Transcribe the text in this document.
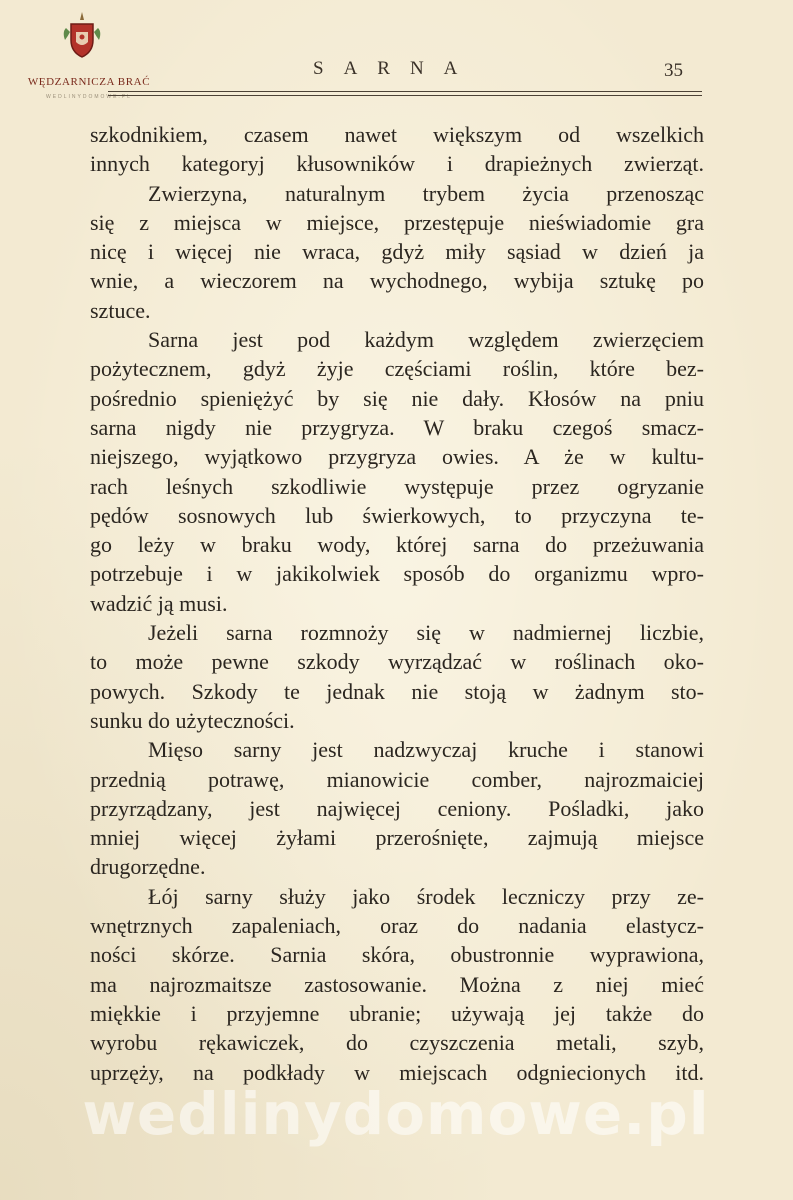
WĘDZARNICZA BRAĆ
WEDLINYDOMOWE.PL
SARNA	35
szkodnikiem, czasem nawet większym od wszelkich
innych kategoryj kłusowników i drapieżnych zwierząt.
Zwierzyna, naturalnym trybem życia przenosząc
się z miejsca w miejsce, przestępuje nieświadomie gra
nicę i więcej nie wraca, gdyż miły sąsiad w dzień ja
wnie, a wieczorem na wychodnego, wybija sztukę po
sztuce.
Sarna jest pod każdym względem zwierzęciem
pożytecznem, gdyż żyje częściami roślin, które bez-
pośrednio spieniężyć by się nie dały. Kłosów na pniu
sarna nigdy nie przygryza. W braku czegoś smacz-
niejszego, wyjątkowo przygryza owies. A że w kultu-
rach leśnych szkodliwie występuje przez ogryzanie
pędów sosnowych lub świerkowych, to przyczyna te-
go leży w braku wody, której sarna do przeżuwania
potrzebuje i w jakikolwiek sposób do organizmu wpro-
wadzić ją musi.
Jeżeli sarna rozmnoży się w nadmiernej liczbie,
to może pewne szkody wyrządzać w roślinach oko-
powych. Szkody te jednak nie stoją w żadnym sto-
sunku do użyteczności.
Mięso sarny jest nadzwyczaj kruche i stanowi
przednią potrawę, mianowicie comber, najrozmaiciej
przyrządzany, jest najwięcej ceniony. Pośladki, jako
mniej więcej żyłami przerośnięte, zajmują miejsce
drugorzędne.
Łój sarny służy jako środek leczniczy przy ze-
wnętrznych zapaleniach, oraz do nadania elastycz-
ności skórze. Sarnia skóra, obustronnie wyprawiona,
ma najrozmaitsze zastosowanie. Można z niej mieć
miękkie i przyjemne ubranie; używają jej także do
wyrobu rękawiczek, do czyszczenia metali, szyb,
uprzęży, na podkłady w miejscach odgniecionych itd.
wedlinydomowe.pl
